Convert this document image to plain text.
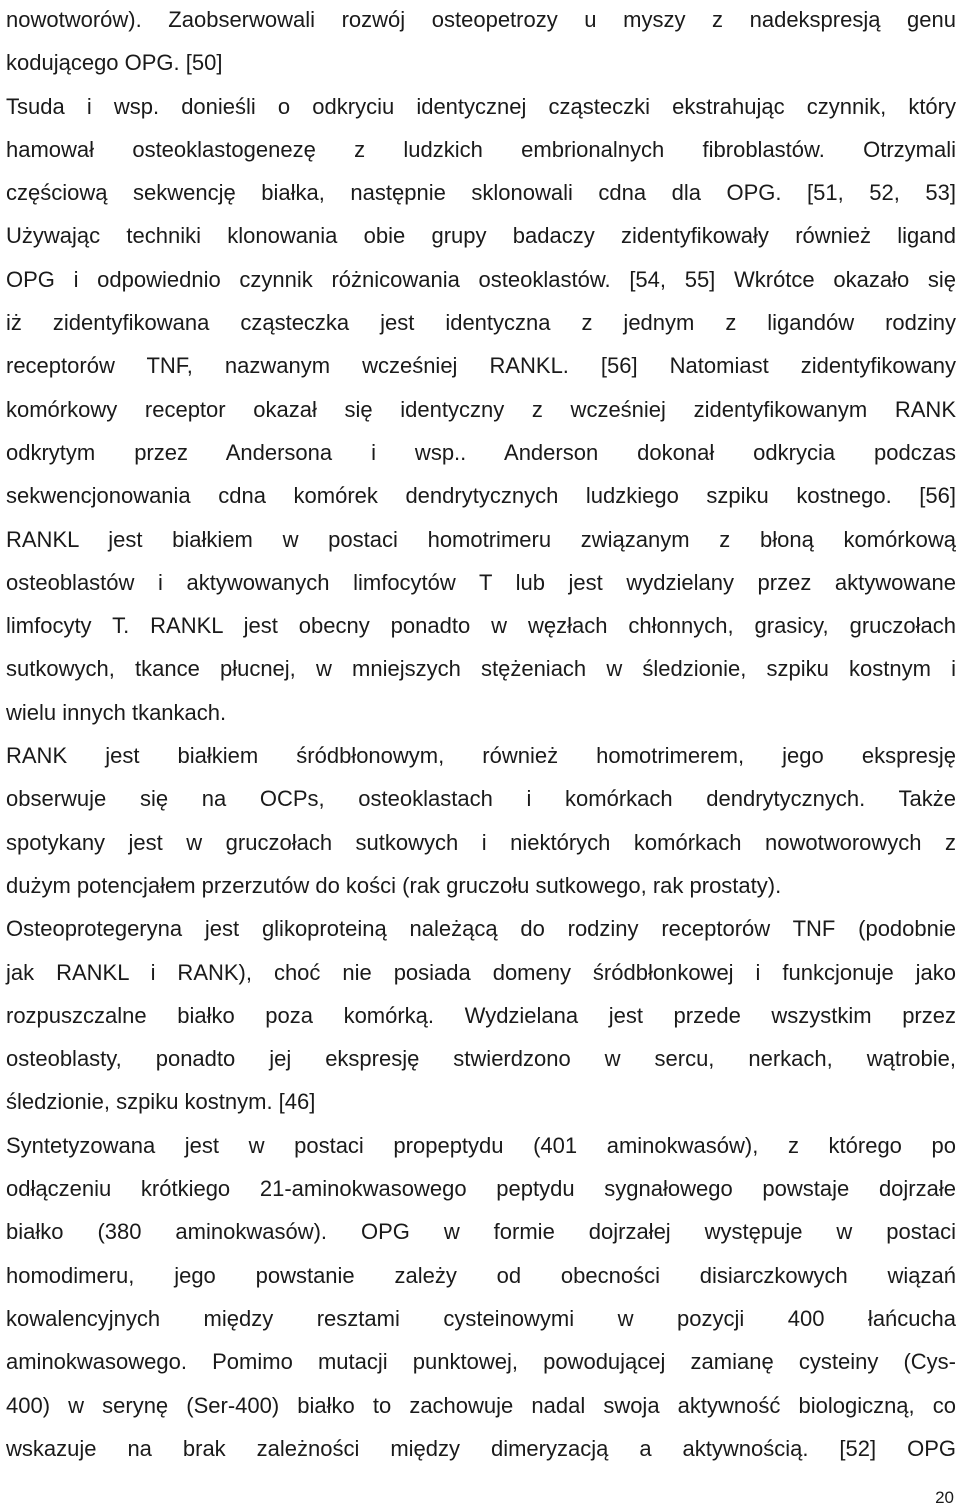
nowotworów). Zaobserwowali rozwój osteopetrozy u myszy z nadekspresją genu
kodującego OPG. [50]
Tsuda i wsp. donieśli o odkryciu identycznej cząsteczki ekstrahując czynnik, który
hamował osteoklastogenezę z ludzkich embrionalnych fibroblastów. Otrzymali
częściową sekwencję białka, następnie sklonowali cdna dla OPG. [51, 52, 53]
Używając techniki klonowania obie grupy badaczy zidentyfikowały również ligand
OPG i odpowiednio czynnik różnicowania osteoklastów. [54, 55] Wkrótce okazało się
iż zidentyfikowana cząsteczka jest identyczna z jednym z ligandów rodziny
receptorów TNF, nazwanym wcześniej RANKL. [56] Natomiast zidentyfikowany
komórkowy receptor okazał się identyczny z wcześniej zidentyfikowanym RANK
odkrytym przez Andersona i wsp.. Anderson dokonał odkrycia podczas
sekwencjonowania cdna komórek dendrytycznych ludzkiego szpiku kostnego. [56]
RANKL jest białkiem w postaci homotrimeru związanym z błoną komórkową
osteoblastów i aktywowanych limfocytów T lub jest wydzielany przez aktywowane
limfocyty T. RANKL jest obecny ponadto w węzłach chłonnych, grasicy, gruczołach
sutkowych, tkance płucnej, w mniejszych stężeniach w śledzionie, szpiku kostnym i
wielu innych tkankach.
RANK jest białkiem śródbłonowym, również homotrimerem, jego ekspresję
obserwuje się na OCPs, osteoklastach i komórkach dendrytycznych. Także
spotykany jest w gruczołach sutkowych i niektórych komórkach nowotworowych z
dużym potencjałem przerzutów do kości (rak gruczołu sutkowego, rak prostaty).
Osteoprotegeryna jest glikoproteiną należącą do rodziny receptorów TNF (podobnie
jak RANKL i RANK), choć nie posiada domeny śródbłonkowej i funkcjonuje jako
rozpuszczalne białko poza komórką. Wydzielana jest przede wszystkim przez
osteoblasty, ponadto jej ekspresję stwierdzono w sercu, nerkach, wątrobie,
śledzionie, szpiku kostnym. [46]
Syntetyzowana jest w postaci propeptydu (401 aminokwasów), z którego po
odłączeniu krótkiego 21-aminokwasowego peptydu sygnałowego powstaje dojrzałe
białko (380 aminokwasów). OPG w formie dojrzałej występuje w postaci
homodimeru, jego powstanie zależy od obecności disiarczkowych wiązań
kowalencyjnych między resztami cysteinowymi w pozycji 400 łańcucha
aminokwasowego. Pomimo mutacji punktowej, powodującej zamianę cysteiny (Cys-
400) w serynę (Ser-400) białko to zachowuje nadal swoja aktywność biologiczną, co
wskazuje na brak zależności między dimeryzacją a aktywnością. [52] OPG
20
